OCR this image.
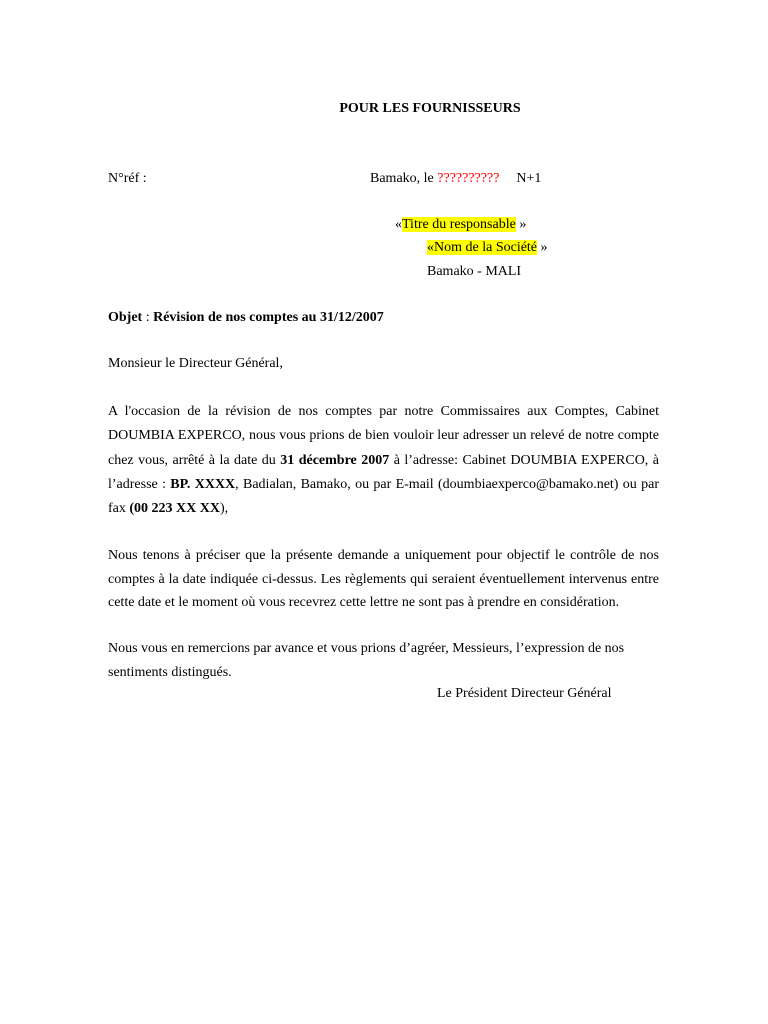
POUR LES FOURNISSEURS
N°réf :	Bamako, le ?????????? N+1
«Titre du responsable »
«Nom de la Société »
Bamako - MALI
Objet : Révision de nos comptes au 31/12/2007
Monsieur le Directeur Général,
A l'occasion de la révision de nos comptes par notre Commissaires aux Comptes, Cabinet DOUMBIA EXPERCO, nous vous prions de bien vouloir leur adresser un relevé de notre compte chez vous, arrêté à la date du 31 décembre 2007 à l’adresse: Cabinet DOUMBIA EXPERCO, à l’adresse : BP. XXXX, Badialan, Bamako, ou par E-mail (doumbiaexperco@bamako.net) ou par fax (00 223 XX XX),
Nous tenons à préciser que la présente demande a uniquement pour objectif le contrôle de nos comptes à la date indiquée ci-dessus. Les règlements qui seraient éventuellement intervenus entre cette date et le moment où vous recevrez cette lettre ne sont pas à prendre en considération.
Nous vous en remercions par avance et vous prions d’agréer, Messieurs, l’expression de nos sentiments distingués.
Le Président Directeur Général
